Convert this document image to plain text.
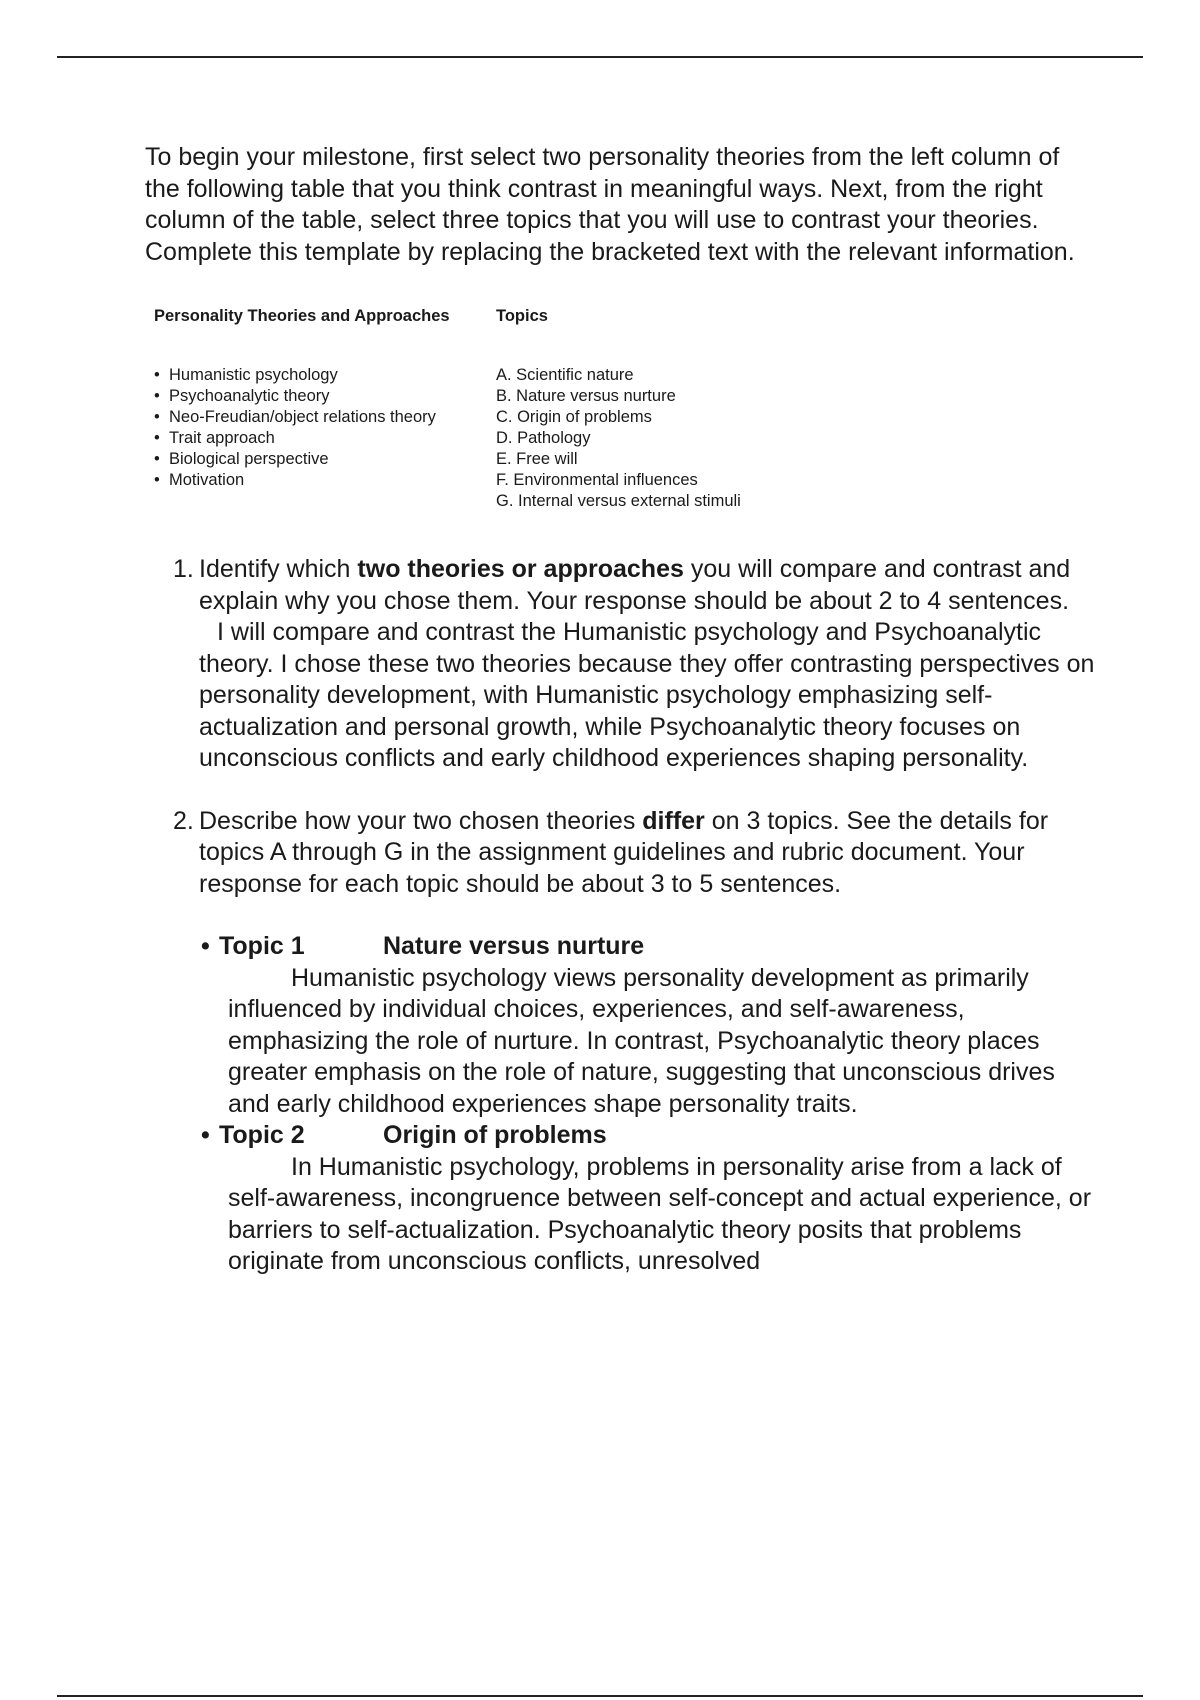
To begin your milestone, first select two personality theories from the left column of the following table that you think contrast in meaningful ways. Next, from the right column of the table, select three topics that you will use to contrast your theories. Complete this template by replacing the bracketed text with the relevant information.

Personality Theories and Approaches
• Humanistic psychology
• Psychoanalytic theory
• Neo-Freudian/object relations theory
• Trait approach
• Biological perspective
• Motivation
Topics
A. Scientific nature
B. Nature versus nurture
C. Origin of problems
D. Pathology
E. Free will
F. Environmental influences
G. Internal versus external stimuli
1. Identify which two theories or approaches you will compare and contrast and explain why you chose them. Your response should be about 2 to 4 sentences.

I will compare and contrast the Humanistic psychology and Psychoanalytic theory. I chose these two theories because they offer contrasting perspectives on personality development, with Humanistic psychology emphasizing self-actualization and personal growth, while Psychoanalytic theory focuses on unconscious conflicts and early childhood experiences shaping personality.

2. Describe how your two chosen theories differ on 3 topics. See the details for topics A through G in the assignment guidelines and rubric document. Your response for each topic should be about 3 to 5 sentences.

• Topic 1	Nature versus nurture

Humanistic psychology views personality development as primarily influenced by individual choices, experiences, and self-awareness, emphasizing the role of nurture. In contrast, Psychoanalytic theory places greater emphasis on the role of nature, suggesting that unconscious drives and early childhood experiences shape personality traits.

• Topic 2	Origin of problems

In Humanistic psychology, problems in personality arise from a lack of self-awareness, incongruence between self-concept and actual experience, or barriers to self-actualization. Psychoanalytic theory posits that problems originate from unconscious conflicts, unresolved
